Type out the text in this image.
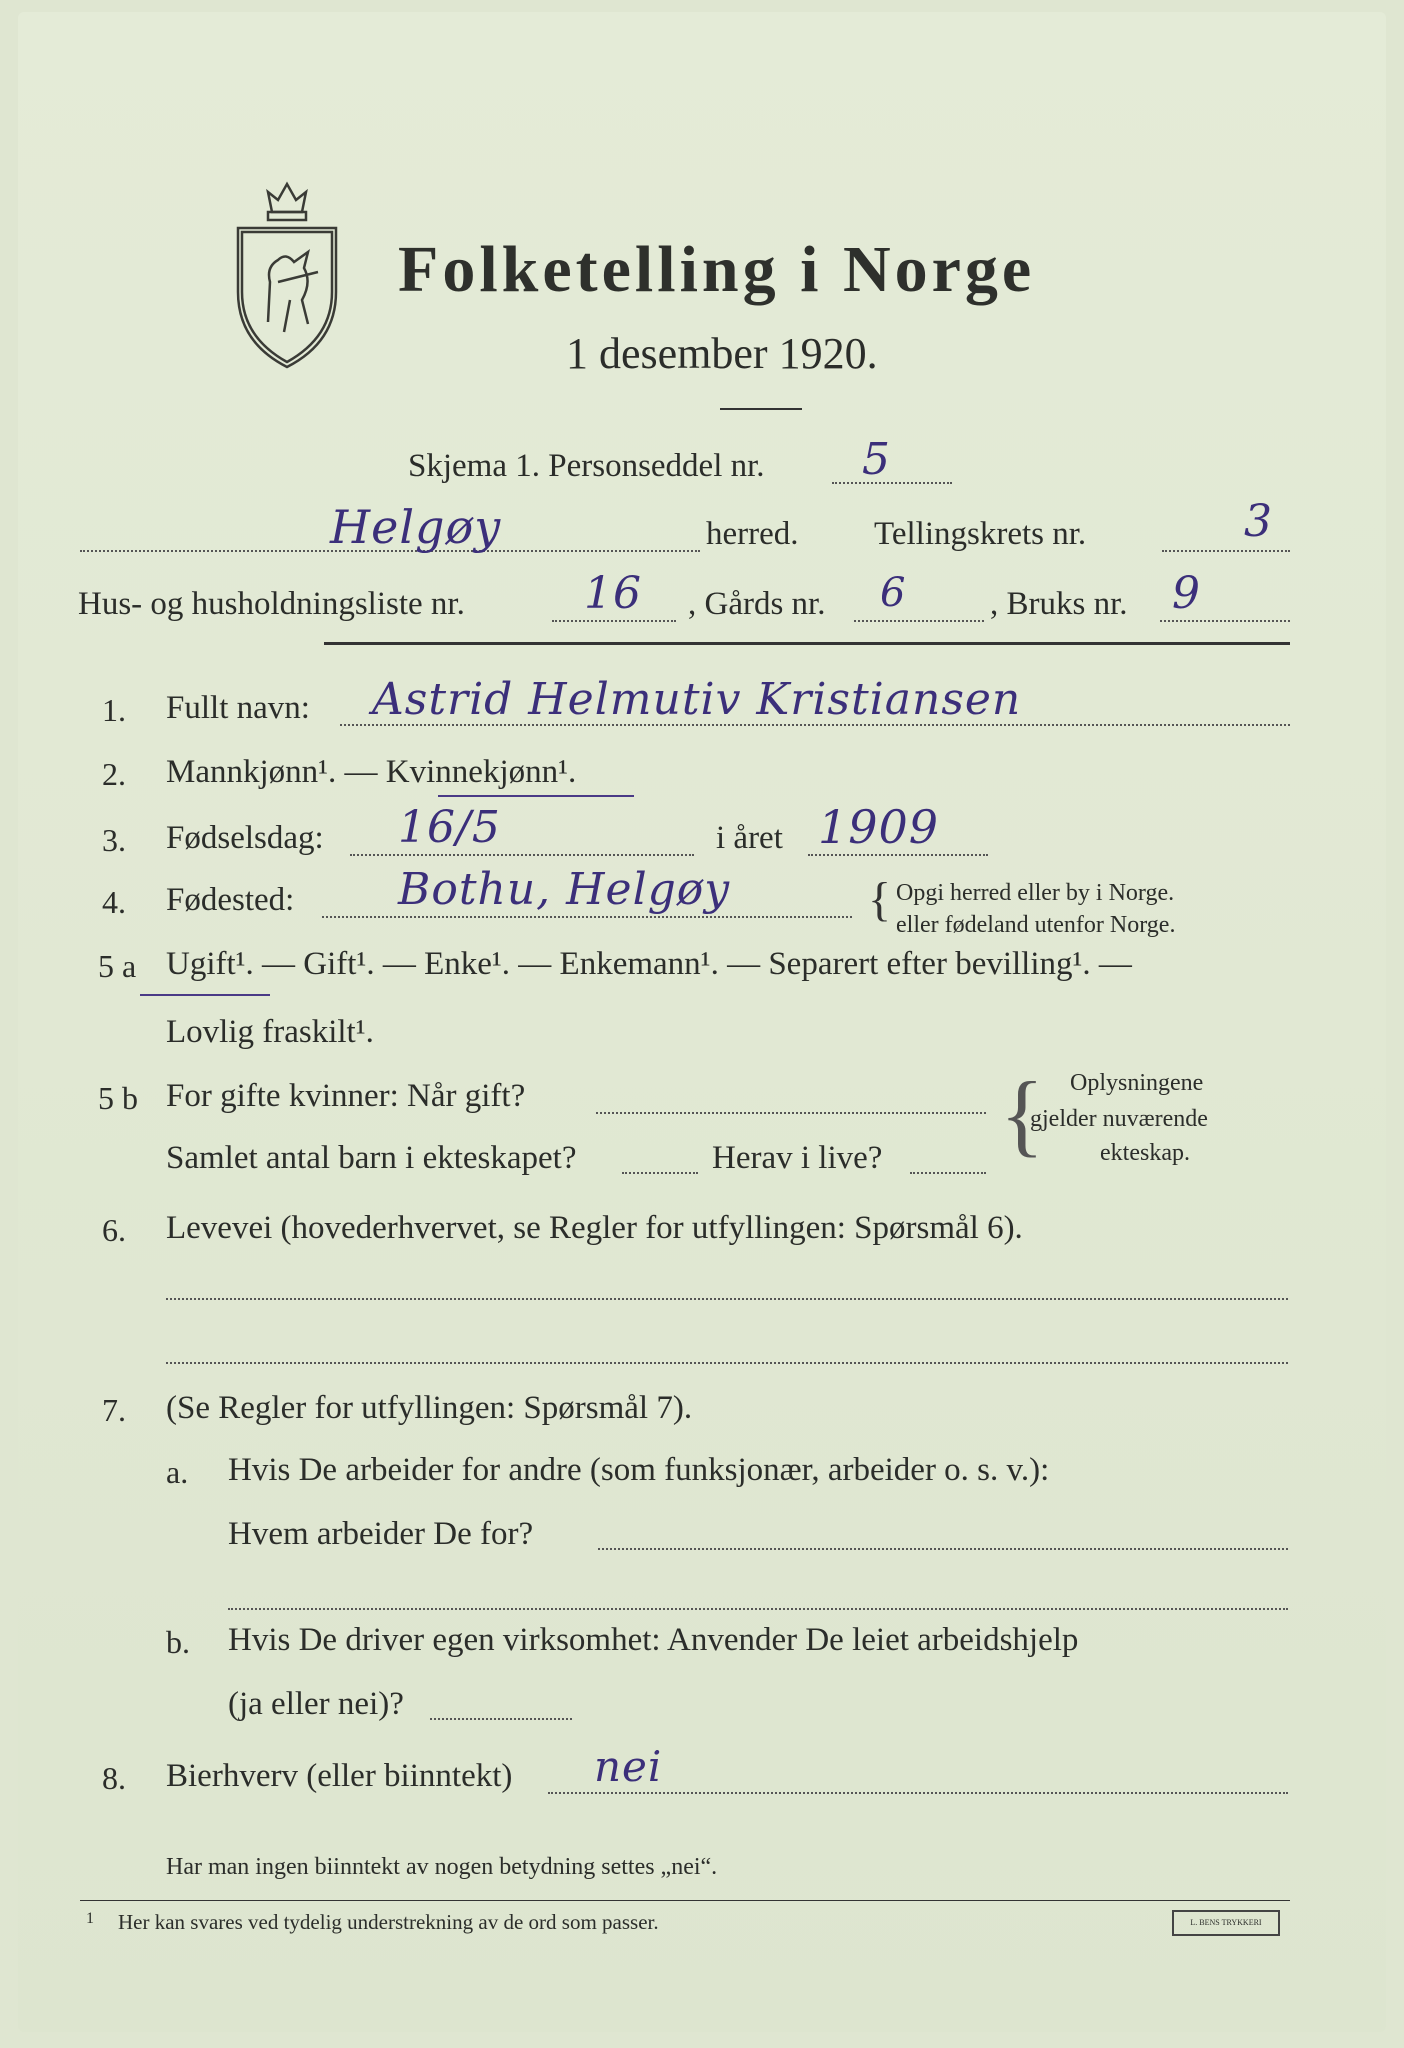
Folketelling i Norge
1 desember 1920.
Skjema 1. Personseddel nr. 5
Helgøy	herred. Tellingskrets nr.	3
Hus- og husholdningsliste nr.	16 , Gårds nr. 6	, Bruks nr. 9
1. Fullt navn: Astrid Helmutiv Kristiansen
2. Mannkjønn¹. — Kvinnekjønn¹.
3. Fødselsdag: 16/5	i året 1909
4. Fødested: Bothu, Helgøy	{ Opgi herred eller by i Norge.
eller fødeland utenfor Norge.
5 a Ugift¹. — Gift¹. — Enke¹. — Enkemann¹. — Separert efter bevilling¹. —
Lovlig fraskilt¹.
5 b For gifte kvinner: Når gift?
Samlet antal barn i ekteskapet?	Herav i live? { Oplysningene
gjelder nuværende
ekteskap.
6. Levevei (hovederhvervet, se Regler for utfyllingen: Spørsmål 6).
7. (Se Regler for utfyllingen: Spørsmål 7).
a. Hvis De arbeider for andre (som funksjonær, arbeider o. s. v.):
Hvem arbeider De for?
b. Hvis De driver egen virksomhet: Anvender De leiet arbeidshjelp
(ja eller nei)?
8. Bierhverv (eller biinntekt) nei
Har man ingen biinntekt av nogen betydning settes „nei“.
1 Her kan svares ved tydelig understrekning av de ord som passer.	L. BENS TRYKKERI
